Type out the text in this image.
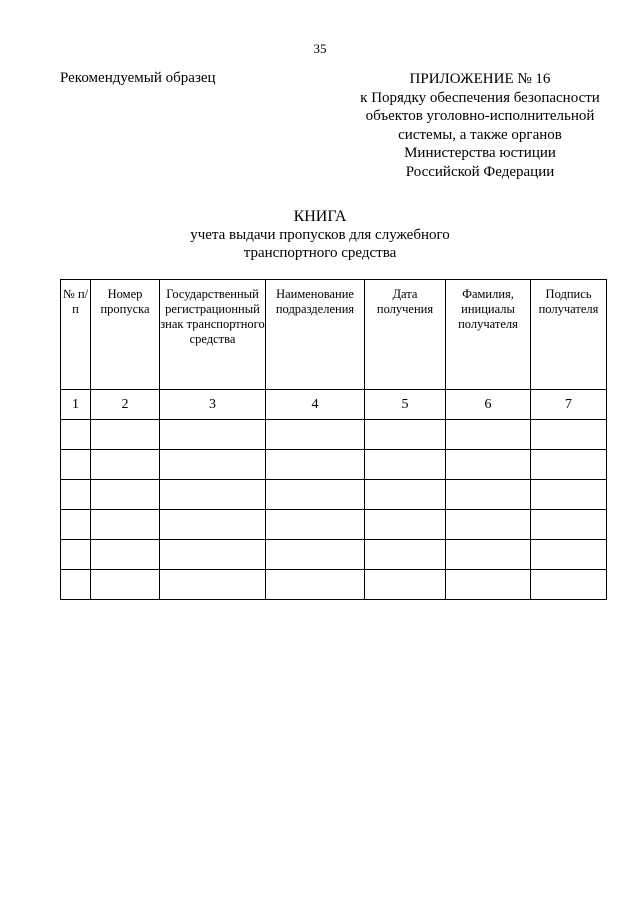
35
Рекомендуемый образец	ПРИЛОЖЕНИЕ № 16
к Порядку обеспечения безопасности
объектов уголовно-исполнительной
системы, а также органов
Министерства юстиции
Российской Федерации
КНИГА
учета выдачи пропусков для служебного
транспортного средства
№ п/п	Номер пропуска	Государственный регистрационный знак транспортного средства	Наименование подразделения	Дата получения	Фамилия, инициалы получателя	Подпись получателя
1	2	3	4	5	6	7
